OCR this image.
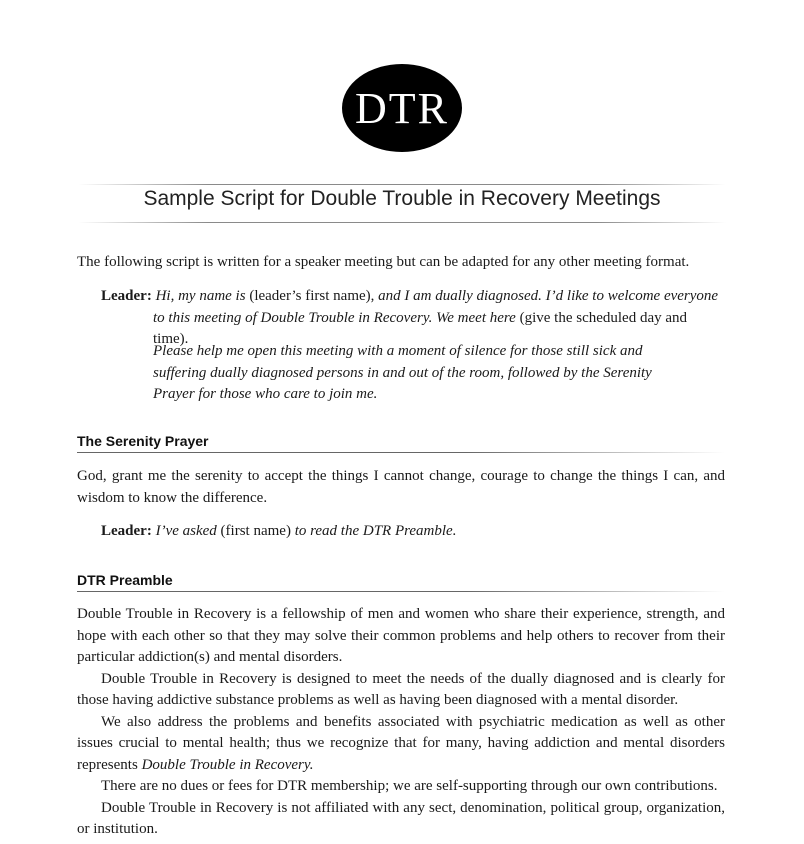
DTR
Sample Script for Double Trouble in Recovery Meetings

The following script is written for a speaker meeting but can be adapted for any other meeting format.

Leader: Hi, my name is (leader’s first name), and I am dually diagnosed. I’d like to welcome everyone to this meeting of Double Trouble in Recovery. We meet here (give the scheduled day and time).

Please help me open this meeting with a moment of silence for those still sick and suffering dually diagnosed persons in and out of the room, followed by the Serenity Prayer for those who care to join me.

The Serenity Prayer

God, grant me the serenity to accept the things I cannot change, courage to change the things I can, and wisdom to know the difference.

Leader: I’ve asked (first name) to read the DTR Preamble.

DTR Preamble
Double Trouble in Recovery is a fellowship of men and women who share their experience, strength, and hope with each other so that they may solve their common problems and help others to recover from their particular addiction(s) and mental disorders.
Double Trouble in Recovery is designed to meet the needs of the dually diagnosed and is clearly for those having addictive substance problems as well as having been diagnosed with a mental disorder.
We also address the problems and benefits associated with psychiatric medication as well as other issues crucial to mental health; thus we recognize that for many, having addiction and mental disorders represents Double Trouble in Recovery.
There are no dues or fees for DTR membership; we are self-supporting through our own contributions.
Double Trouble in Recovery is not affiliated with any sect, denomination, political group, organization, or institution.
